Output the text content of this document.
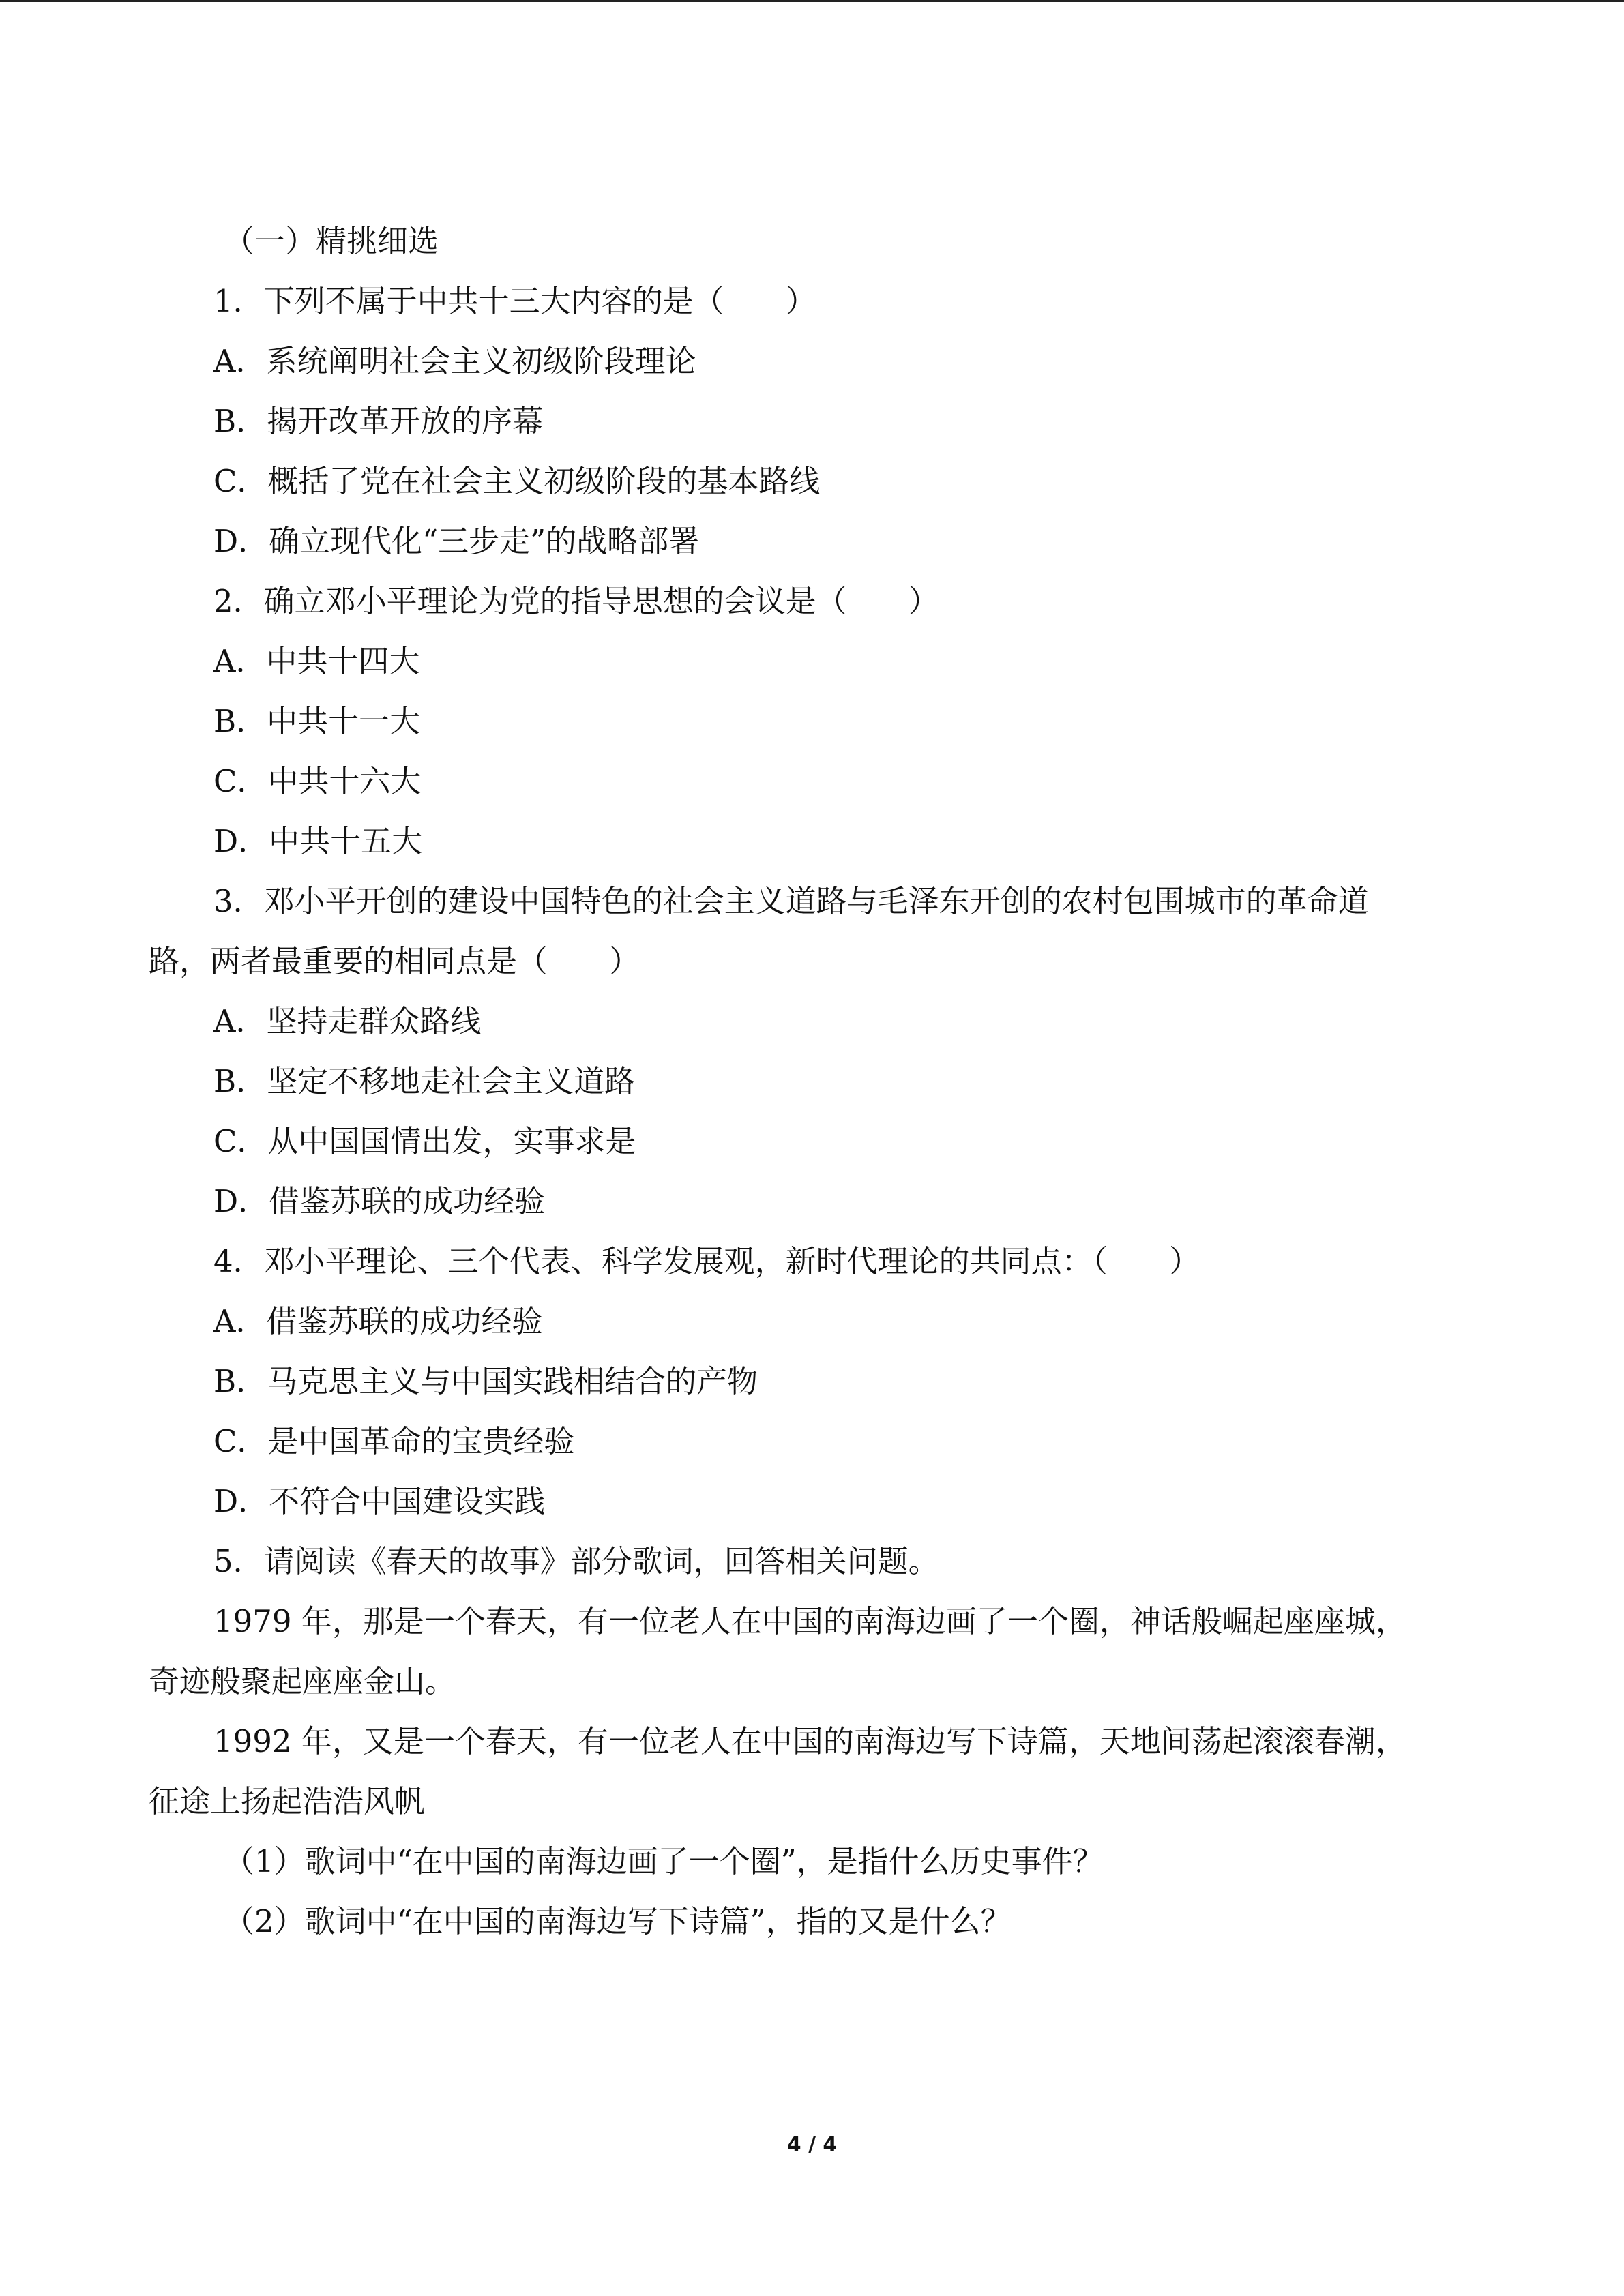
（一）精挑细选
1．下列不属于中共十三大内容的是（　　）
A．系统阐明社会主义初级阶段理论
B．揭开改革开放的序幕
C．概括了党在社会主义初级阶段的基本路线
D．确立现代化“三步走”的战略部署
2．确立邓小平理论为党的指导思想的会议是（　　）
A．中共十四大
B．中共十一大
C．中共十六大
D．中共十五大
3．邓小平开创的建设中国特色的社会主义道路与毛泽东开创的农村包围城市的革命道
路，两者最重要的相同点是（　　）
A．坚持走群众路线
B．坚定不移地走社会主义道路
C．从中国国情出发，实事求是
D．借鉴苏联的成功经验
4．邓小平理论、三个代表、科学发展观，新时代理论的共同点：（　　）
A．借鉴苏联的成功经验
B．马克思主义与中国实践相结合的产物
C．是中国革命的宝贵经验
D．不符合中国建设实践
5．请阅读《春天的故事》部分歌词，回答相关问题。
1979 年，那是一个春天，有一位老人在中国的南海边画了一个圈，神话般崛起座座城，
奇迹般聚起座座金山。
1992 年，又是一个春天，有一位老人在中国的南海边写下诗篇，天地间荡起滚滚春潮，
征途上扬起浩浩风帆
（1）歌词中“在中国的南海边画了一个圈”，是指什么历史事件？
（2）歌词中“在中国的南海边写下诗篇”，指的又是什么？
4 / 4
